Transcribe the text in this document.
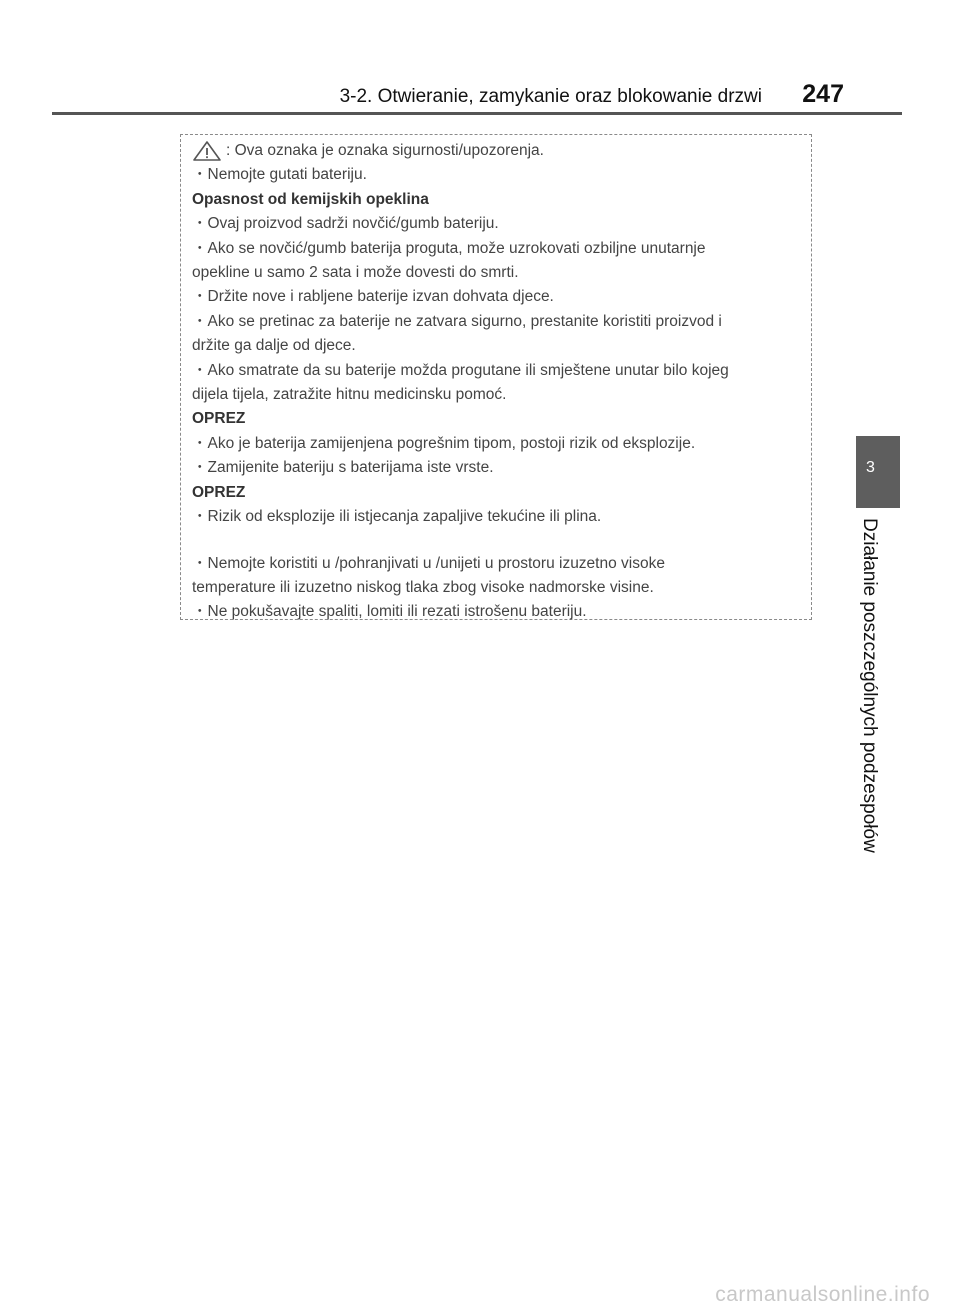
3-2. Otwieranie, zamykanie oraz blokowanie drzwi 247
3
Działanie poszczególnych podzespołów

: Ova oznaka je oznaka sigurnosti/upozorenja.

・Nemojte gutati bateriju.

Opasnost od kemijskih opeklina

・Ovaj proizvod sadrži novčić/gumb bateriju.

・Ako se novčić/gumb baterija proguta, može uzrokovati ozbiljne unutarnje

opekline u samo 2 sata i može dovesti do smrti.

・Držite nove i rabljene baterije izvan dohvata djece.

・Ako se pretinac za baterije ne zatvara sigurno, prestanite koristiti proizvod i

držite ga dalje od djece.

・Ako smatrate da su baterije možda progutane ili smještene unutar bilo kojeg

dijela tijela, zatražite hitnu medicinsku pomoć.

OPREZ

・Ako je baterija zamijenjena pogrešnim tipom, postoji rizik od eksplozije.

・Zamijenite bateriju s baterijama iste vrste.

OPREZ

・Rizik od eksplozije ili istjecanja zapaljive tekućine ili plina.

・Nemojte koristiti u /pohranjivati u /unijeti u prostoru izuzetno visoke

temperature ili izuzetno niskog tlaka zbog visoke nadmorske visine.

・Ne pokušavajte spaliti, lomiti ili rezati istrošenu bateriju.

carmanualsonline.info
